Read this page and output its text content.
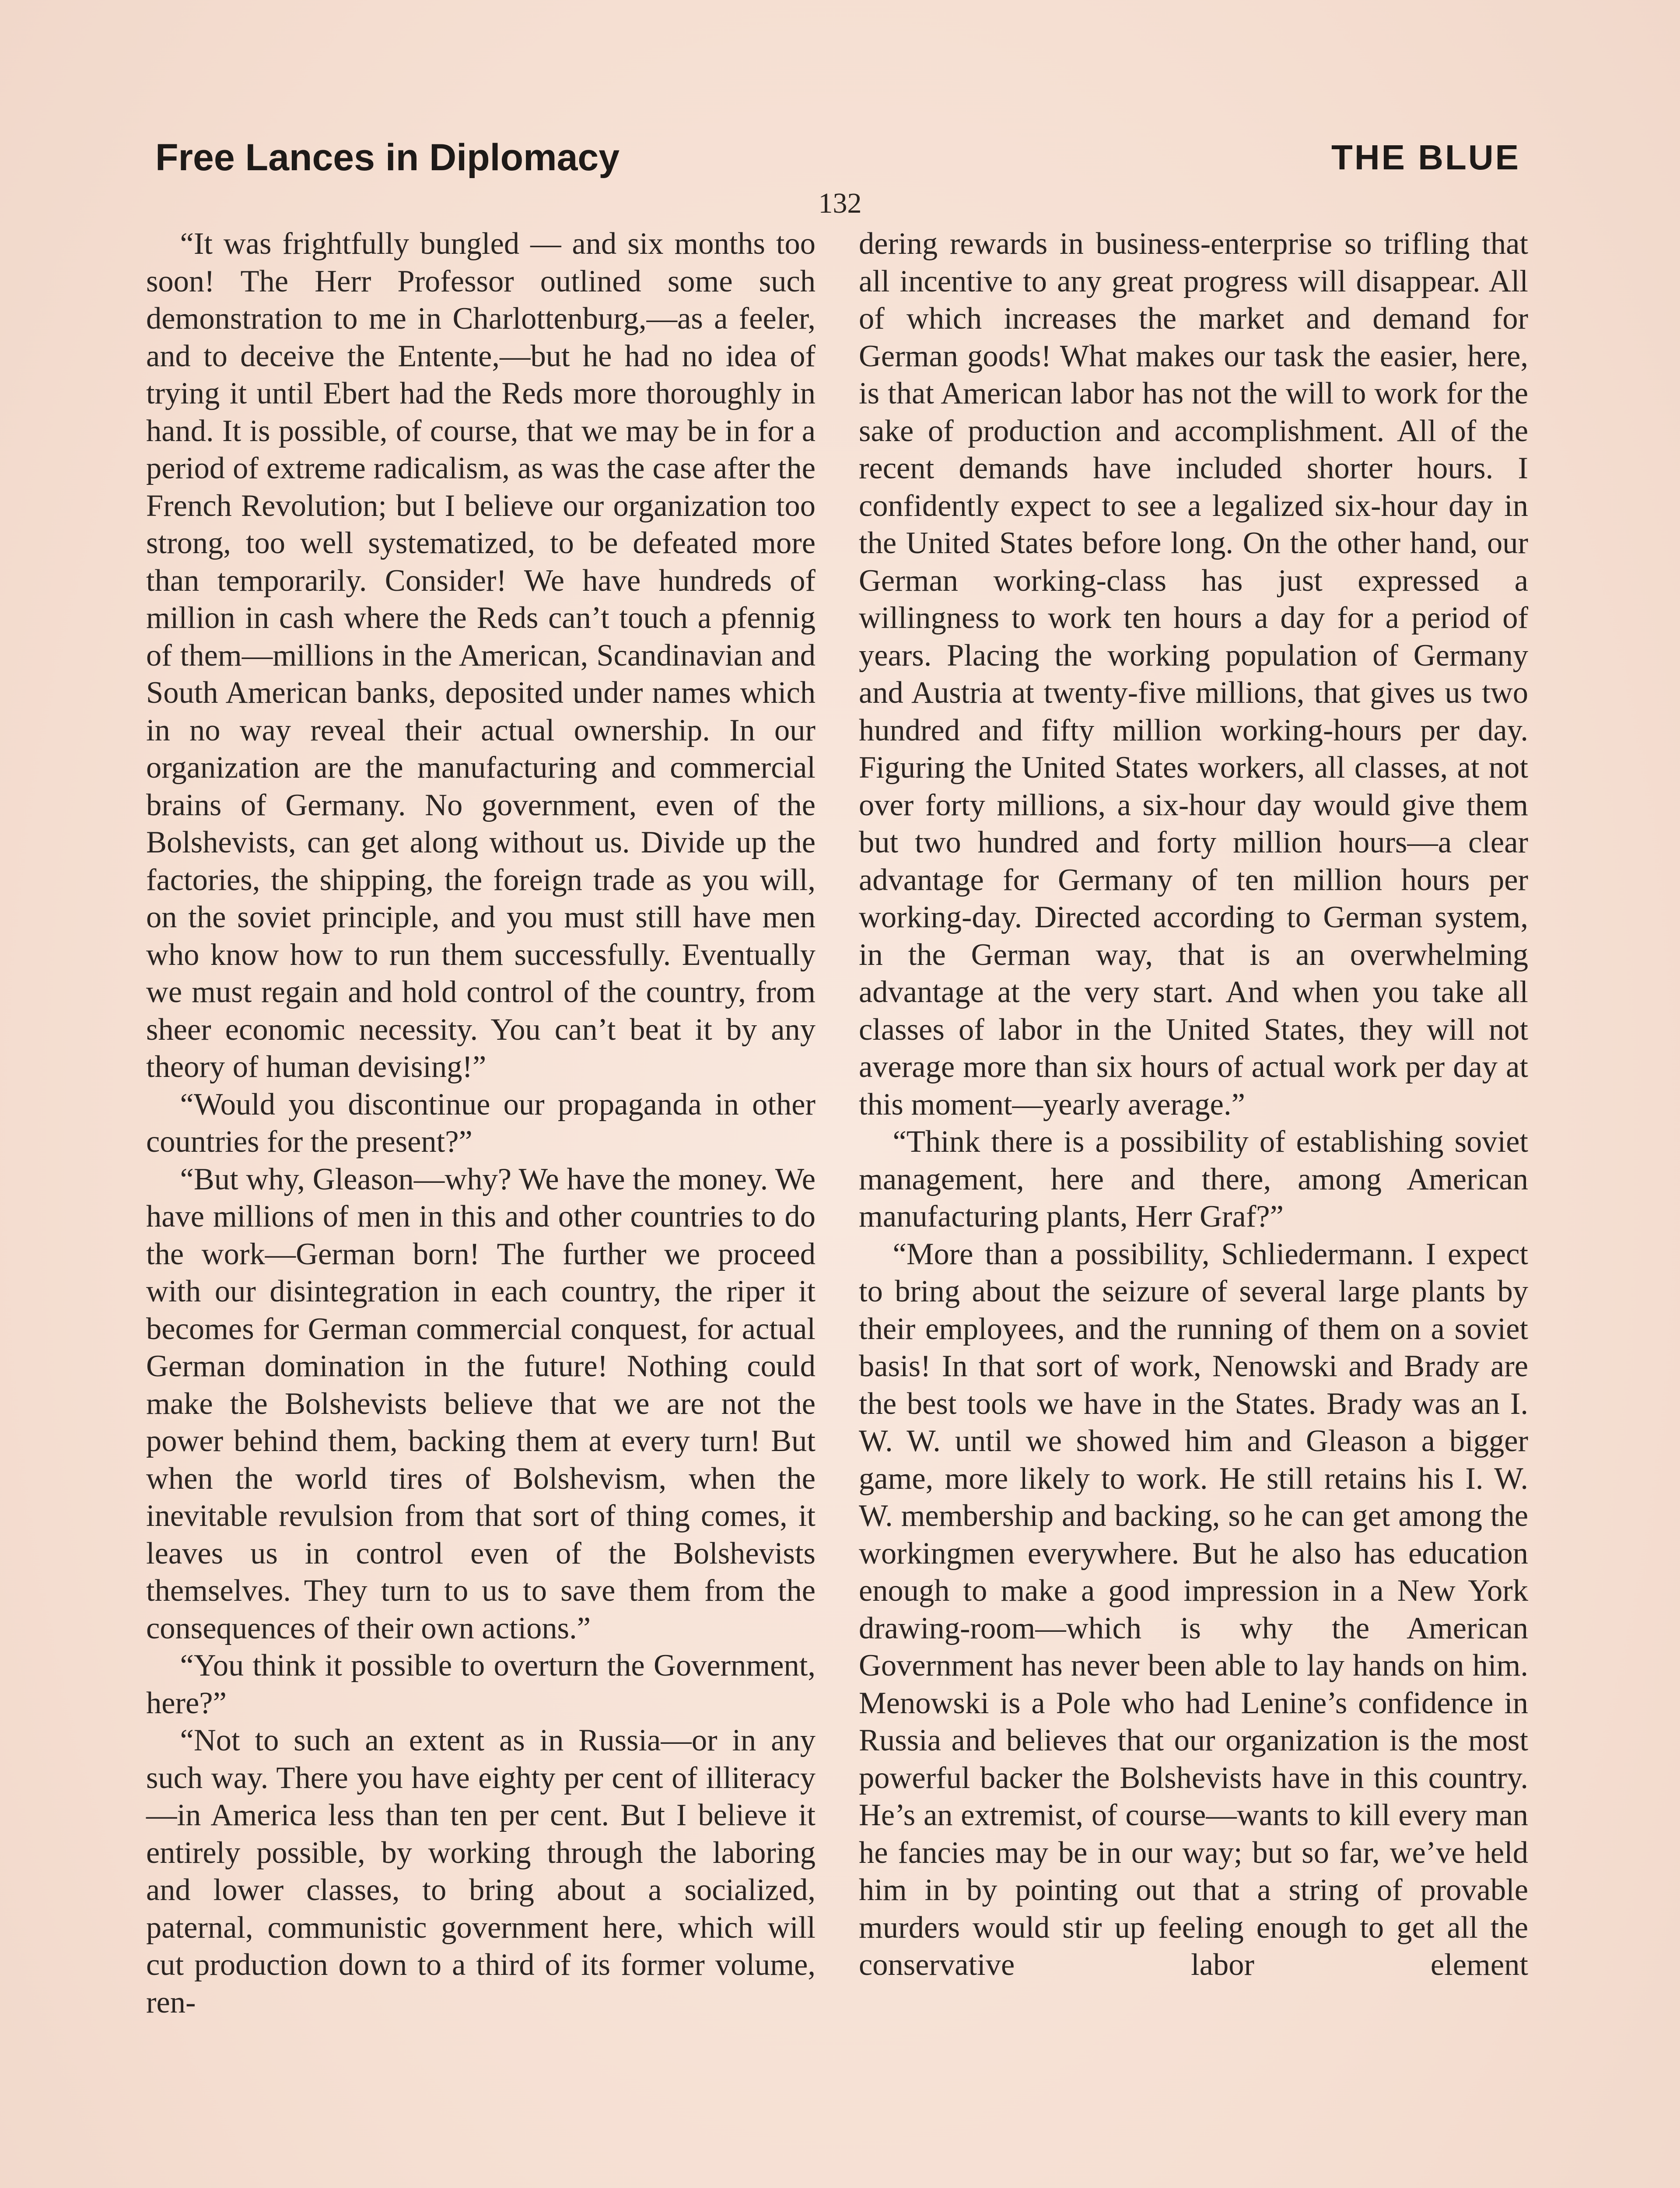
Free Lances in Diplomacy	THE BLUE
132

“It was frightfully bungled — and six months too soon! The Herr Professor outlined some such demonstration to me in Charlottenburg,—as a feeler, and to deceive the Entente,—but he had no idea of trying it until Ebert had the Reds more thoroughly in hand. It is possible, of course, that we may be in for a period of extreme radicalism, as was the case after the French Revolution; but I believe our organization too strong, too well systematized, to be defeated more than temporarily. Consider! We have hundreds of million in cash where the Reds can’t touch a pfennig of them—millions in the American, Scandinavian and South American banks, deposited under names which in no way reveal their actual ownership. In our organization are the manufacturing and commercial brains of Germany. No government, even of the Bolshevists, can get along without us. Divide up the factories, the shipping, the foreign trade as you will, on the soviet principle, and you must still have men who know how to run them successfully. Eventually we must regain and hold control of the country, from sheer economic necessity. You can’t beat it by any theory of human devising!”

“Would you discontinue our propaganda in other countries for the present?”

“But why, Gleason—why? We have the money. We have millions of men in this and other countries to do the work—German born! The further we proceed with our disintegration in each country, the riper it becomes for German commercial conquest, for actual German domination in the future! Nothing could make the Bolshevists believe that we are not the power behind them, backing them at every turn! But when the world tires of Bolshevism, when the inevitable revulsion from that sort of thing comes, it leaves us in control even of the Bolshevists themselves. They turn to us to save them from the consequences of their own actions.”

“You think it possible to overturn the Government, here?”

“Not to such an extent as in Russia—or in any such way. There you have eighty per cent of illiteracy—in America less than ten per cent. But I believe it entirely possible, by working through the laboring and lower classes, to bring about a socialized, paternal, communistic government here, which will cut production down to a third of its former volume, ren-

dering rewards in business-enterprise so trifling that all incentive to any great progress will disappear. All of which increases the market and demand for German goods! What makes our task the easier, here, is that American labor has not the will to work for the sake of production and accomplishment. All of the recent demands have included shorter hours. I confidently expect to see a legalized six-hour day in the United States before long. On the other hand, our German working-class has just expressed a willingness to work ten hours a day for a period of years. Placing the working population of Germany and Austria at twenty-five millions, that gives us two hundred and fifty million working-hours per day. Figuring the United States workers, all classes, at not over forty millions, a six-hour day would give them but two hundred and forty million hours—a clear advantage for Germany of ten million hours per working-day. Directed according to German system, in the German way, that is an overwhelming advantage at the very start. And when you take all classes of labor in the United States, they will not average more than six hours of actual work per day at this moment—yearly average.”

“Think there is a possibility of establishing soviet management, here and there, among American manufacturing plants, Herr Graf?”

“More than a possibility, Schliedermann. I expect to bring about the seizure of several large plants by their employees, and the running of them on a soviet basis! In that sort of work, Nenowski and Brady are the best tools we have in the States. Brady was an I. W. W. until we showed him and Gleason a bigger game, more likely to work. He still retains his I. W. W. membership and backing, so he can get among the workingmen everywhere. But he also has education enough to make a good impression in a New York drawing-room—which is why the American Government has never been able to lay hands on him. Menowski is a Pole who had Lenine’s confidence in Russia and believes that our organization is the most powerful backer the Bolshevists have in this country. He’s an extremist, of course—wants to kill every man he fancies may be in our way; but so far, we’ve held him in by pointing out that a string of provable murders would stir up feeling enough to get all the conservative labor element
